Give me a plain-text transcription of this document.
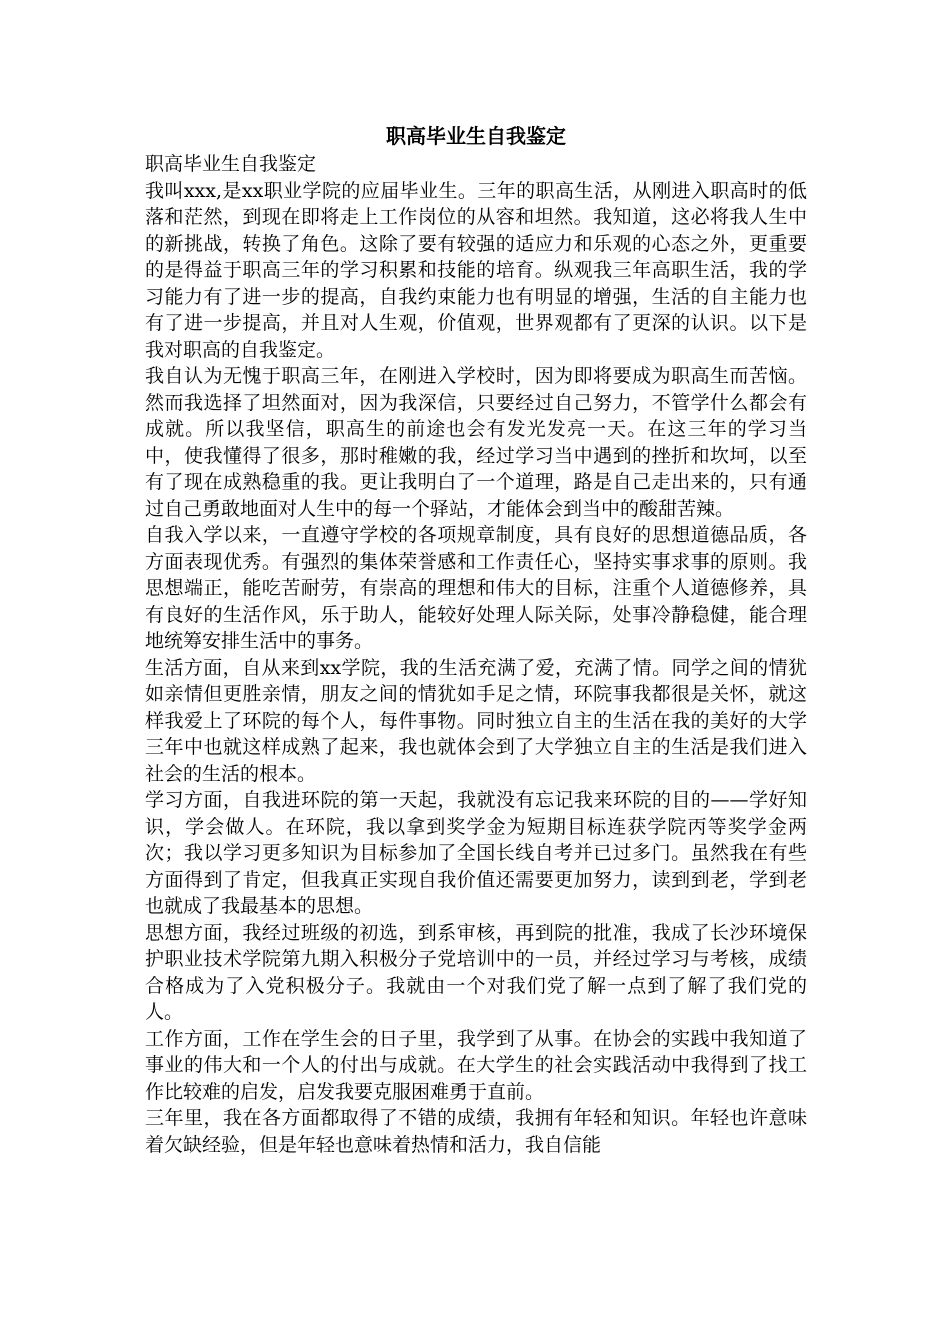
职高毕业生自我鉴定

职高毕业生自我鉴定

我叫xxx,是xx职业学院的应届毕业生。三年的职高生活，从刚进入职高时的低落和茫然，到现在即将走上工作岗位的从容和坦然。我知道，这必将我人生中的新挑战，转换了角色。这除了要有较强的适应力和乐观的心态之外，更重要的是得益于职高三年的学习积累和技能的培育。纵观我三年高职生活，我的学习能力有了进一步的提高，自我约束能力也有明显的增强，生活的自主能力也有了进一步提高，并且对人生观，价值观，世界观都有了更深的认识。以下是我对职高的自我鉴定。

我自认为无愧于职高三年，在刚进入学校时，因为即将要成为职高生而苦恼。然而我选择了坦然面对，因为我深信，只要经过自己努力，不管学什么都会有成就。所以我坚信，职高生的前途也会有发光发亮一天。在这三年的学习当中，使我懂得了很多，那时稚嫩的我，经过学习当中遇到的挫折和坎坷，以至有了现在成熟稳重的我。更让我明白了一个道理，路是自己走出来的，只有通过自己勇敢地面对人生中的每一个驿站，才能体会到当中的酸甜苦辣。

自我入学以来，一直遵守学校的各项规章制度，具有良好的思想道德品质，各方面表现优秀。有强烈的集体荣誉感和工作责任心，坚持实事求事的原则。我思想端正，能吃苦耐劳，有崇高的理想和伟大的目标，注重个人道德修养，具有良好的生活作风，乐于助人，能较好处理人际关际，处事冷静稳健，能合理地统筹安排生活中的事务。

生活方面，自从来到xx学院，我的生活充满了爱，充满了情。同学之间的情犹如亲情但更胜亲情，朋友之间的情犹如手足之情，环院事我都很是关怀，就这样我爱上了环院的每个人，每件事物。同时独立自主的生活在我的美好的大学三年中也就这样成熟了起来，我也就体会到了大学独立自主的生活是我们进入社会的生活的根本。

学习方面，自我进环院的第一天起，我就没有忘记我来环院的目的——学好知识，学会做人。在环院，我以拿到奖学金为短期目标连获学院丙等奖学金两次；我以学习更多知识为目标参加了全国长线自考并已过多门。虽然我在有些方面得到了肯定，但我真正实现自我价值还需要更加努力，读到到老，学到老也就成了我最基本的思想。

思想方面，我经过班级的初选，到系审核，再到院的批准，我成了长沙环境保护职业技术学院第九期入积极分子党培训中的一员，并经过学习与考核，成绩合格成为了入党积极分子。我就由一个对我们党了解一点到了解了我们党的人。

工作方面，工作在学生会的日子里，我学到了从事。在协会的实践中我知道了事业的伟大和一个人的付出与成就。在大学生的社会实践活动中我得到了找工作比较难的启发，启发我要克服困难勇于直前。

三年里，我在各方面都取得了不错的成绩，我拥有年轻和知识。年轻也许意味着欠缺经验，但是年轻也意味着热情和活力，我自信能
